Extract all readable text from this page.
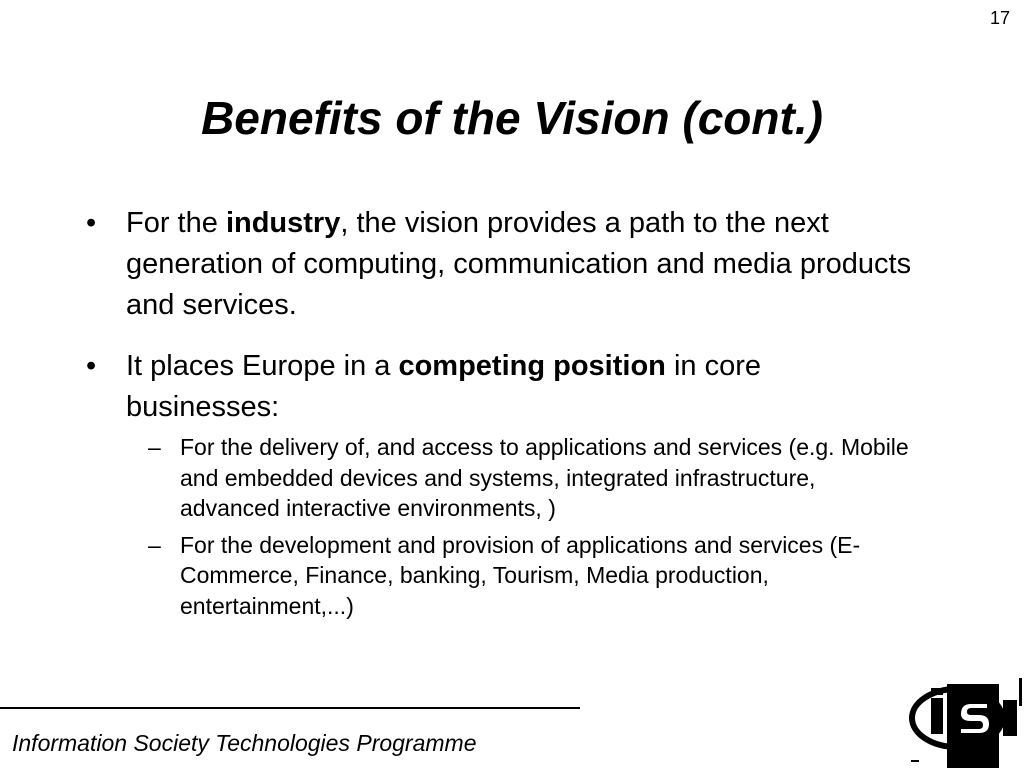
17
Benefits of the Vision (cont.)
• For the industry, the vision provides a path to the next generation of computing, communication and media products and services.
• It places Europe in a competing position in core businesses:
– For the delivery of, and access to applications and services (e.g. Mobile and embedded devices and systems, integrated infrastructure, advanced interactive environments, )
– For the development and provision of applications and services (E-Commerce, Finance, banking, Tourism, Media production, entertainment,...)
Information Society Technologies Programme
